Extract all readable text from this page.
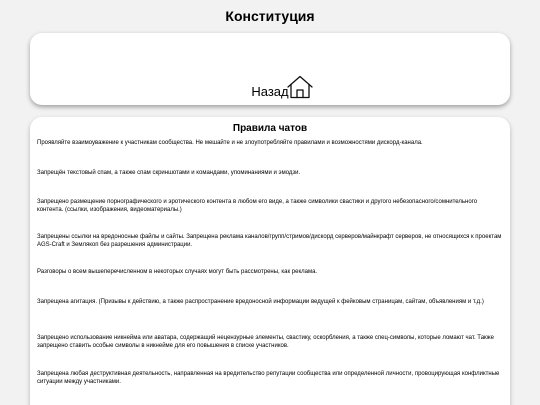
Конституция
Назад
Правила чатов
Проявляйте взаимоуважение к участникам сообщества. Не мешайте и не злоупотребляйте правилами и возможностями дискорд-канала.
Запрещён текстовый спам, а также спам скриншотами и командами, упоминаниями и эмодзи.
Запрещено размещение порнографического и эротического контента в любом его виде, а также символики свастики и другого небезопасного/сомнительного контента. (ссылки, изображения, видеоматериалы.)
Запрещены ссылки на вредоносные файлы и сайты. Запрещена реклама каналов/групп/стримов/дискорд серверов/майнкрафт серверов, не относящихся к проектам AGS-Craft и Землякоп без разрешения администрации.
Разговоры о всем вышеперечисленном в некоторых случаях могут быть рассмотрены, как реклама.
Запрещена агитация. (Призывы к действию, а также распространение вредоносной информации ведущей к фейковым страницам, сайтам, объявлениям и т.д.)
Запрещено использование никнейма или аватара, содержащий нецензурные элементы, свастику, оскорбления, а также спец-символы, которые ломают чат. Также запрещено ставить особые символы в никнейме для его повышения в списке участников.
Запрещена любая деструктивная деятельность, направленная на вредительство репутации сообщества или определенной личности, провоцирующая конфликтные ситуации между участниками.
